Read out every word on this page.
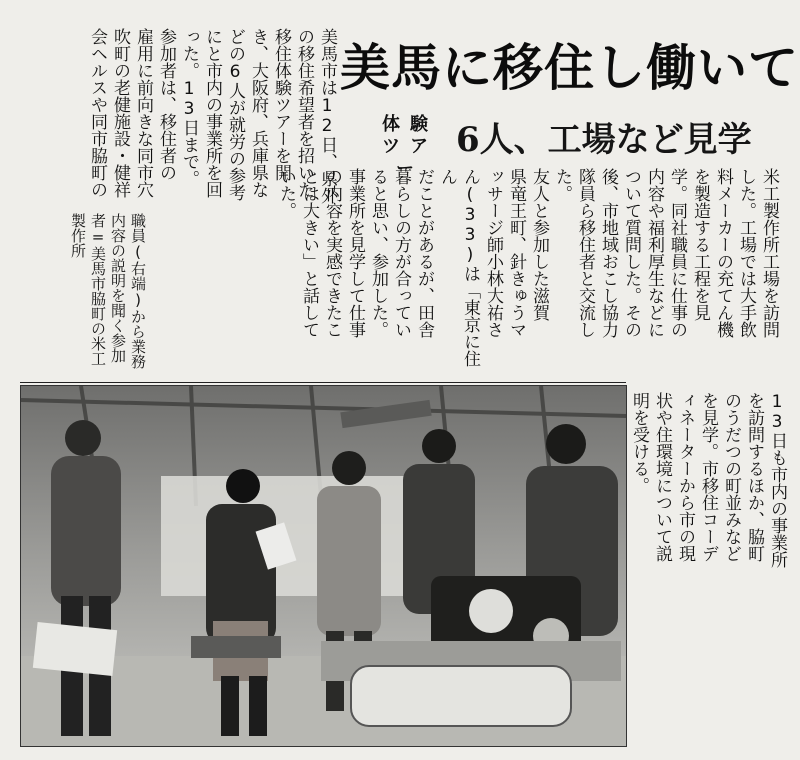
美馬に移住し働いて
体験
ツアー
6人、工場など見学

美馬市は12日、県外

の移住希望者を招いた

移住体験ツアーを開

き、大阪府、兵庫県な

どの6人が就労の参考

にと市内の事業所を回

った。13日まで。

参加者は、移住者の

雇用に前向きな同市穴

吹町の老健施設・健祥

会ヘルスや同市脇町の

米工製作所工場を訪問

した。工場では大手飲

料メーカーの充てん機

を製造する工程を見

学。同社職員に仕事の

内容や福利厚生などに

ついて質問した。その

後、市地域おこし協力

隊員ら移住者と交流し

た。

友人と参加した滋賀

県竜王町、針きゅうマ

ッサージ師小林大祐さ

ん(33)は「東京に住ん

だことがあるが、田舎

暮らしの方が合ってい

ると思い、参加した。

事業所を見学して仕事

の内容を実感できたこ

とは大きい」と話して

いた。

13日も市内の事業所

を訪問するほか、脇町

のうだつの町並みなど

を見学。市移住コーデ

ィネーターから市の現

状や住環境について説

明を受ける。

職員(右端)から業務

内容の説明を聞く参加

者=美馬市脇町の米工

製作所
